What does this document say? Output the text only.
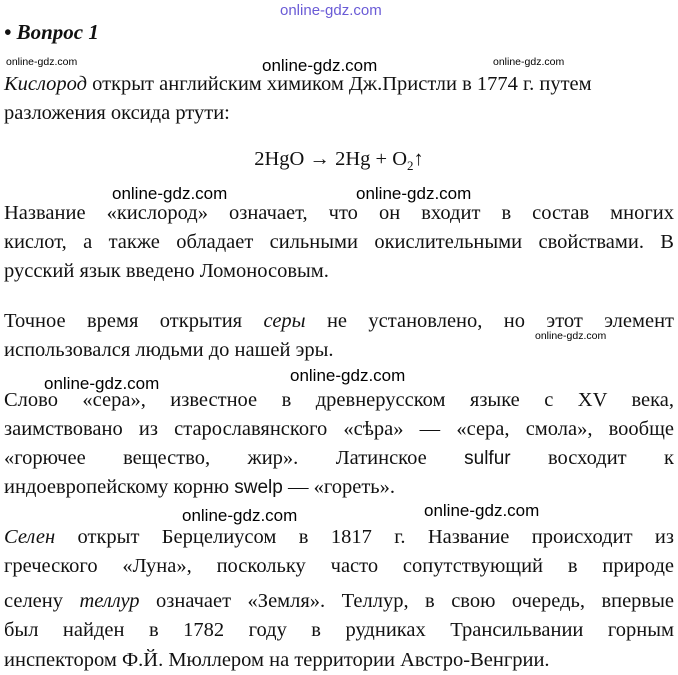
online-gdz.com
online-gdz.com	online-gdz.com	online-gdz.com
online-gdz.com	online-gdz.com
online-gdz.com
online-gdz.com
online-gdz.com
online-gdz.com
online-gdz.com
• Вопрос 1
Кислород открыт английским химиком Дж.Пристли в 1774 г. путем
разложения оксида ртути:
$2HgO \to 2Hg + O_2↑$
Название «кислород» означает, что он входит в состав многих
кислот, а также обладает сильными окислительными свойствами. В
русский язык введено Ломоносовым.
Точное время открытия серы не установлено, но этот элемент
использовался людьми до нашей эры.
Слово «сера», известное в древнерусском языке с XV века,
заимствовано из старославянского «сѣра» — «сера, смола», вообще
«горючее вещество, жир». Латинское sulfur восходит к
индоевропейскому корню swelp — «гореть».
Селен открыт Берцелиусом в 1817 г. Название происходит из
греческого «Луна», поскольку часто сопутствующий в природе
селену теллур означает «Земля». Теллур, в свою очередь, впервые
был найден в 1782 году в рудниках Трансильвании горным
инспектором Ф.Й. Мюллером на территории Австро-Венгрии.
